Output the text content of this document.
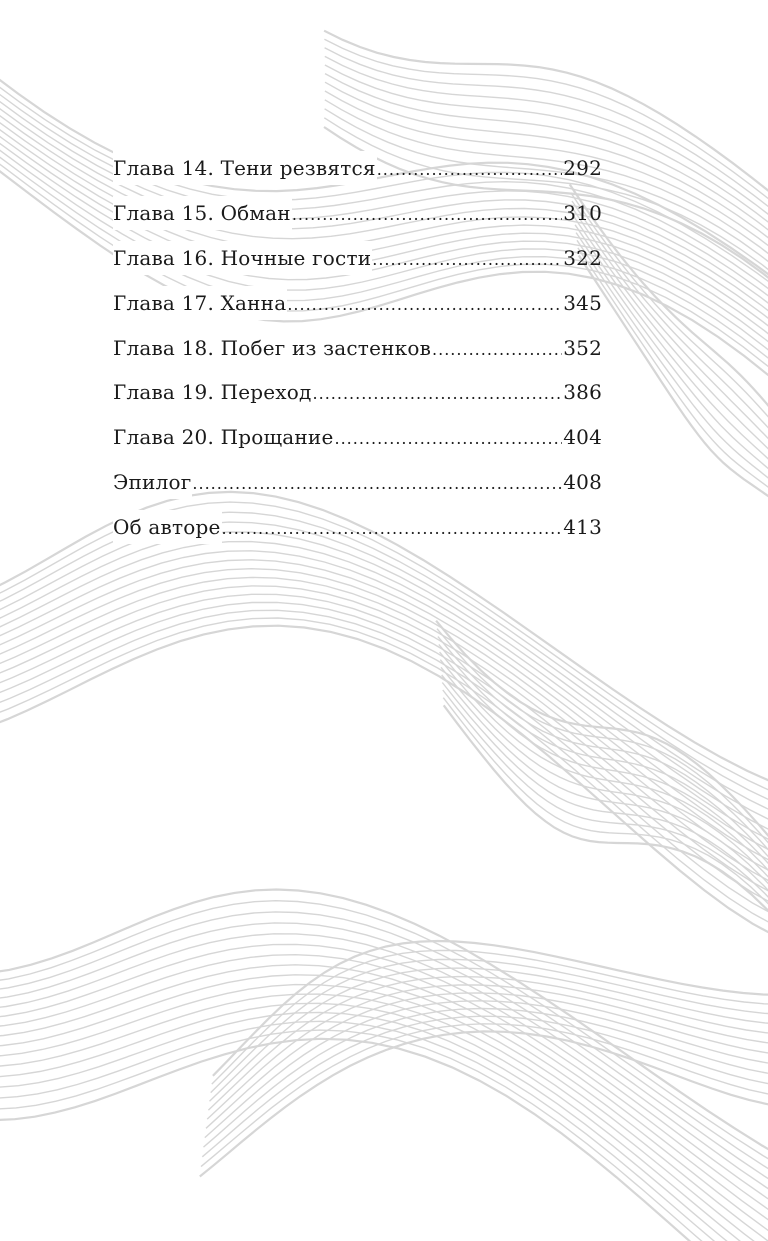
Глава 14. Тени резвятся .....	292
Глава 15. Обман .....	310
Глава 16. Ночные гости .....	322
Глава 17. Ханна .....	345
Глава 18. Побег из застенков .....	352
Глава 19. Переход .....	386
Глава 20. Прощание .....	404
Эпилог .....	408
Об авторе .....	413
